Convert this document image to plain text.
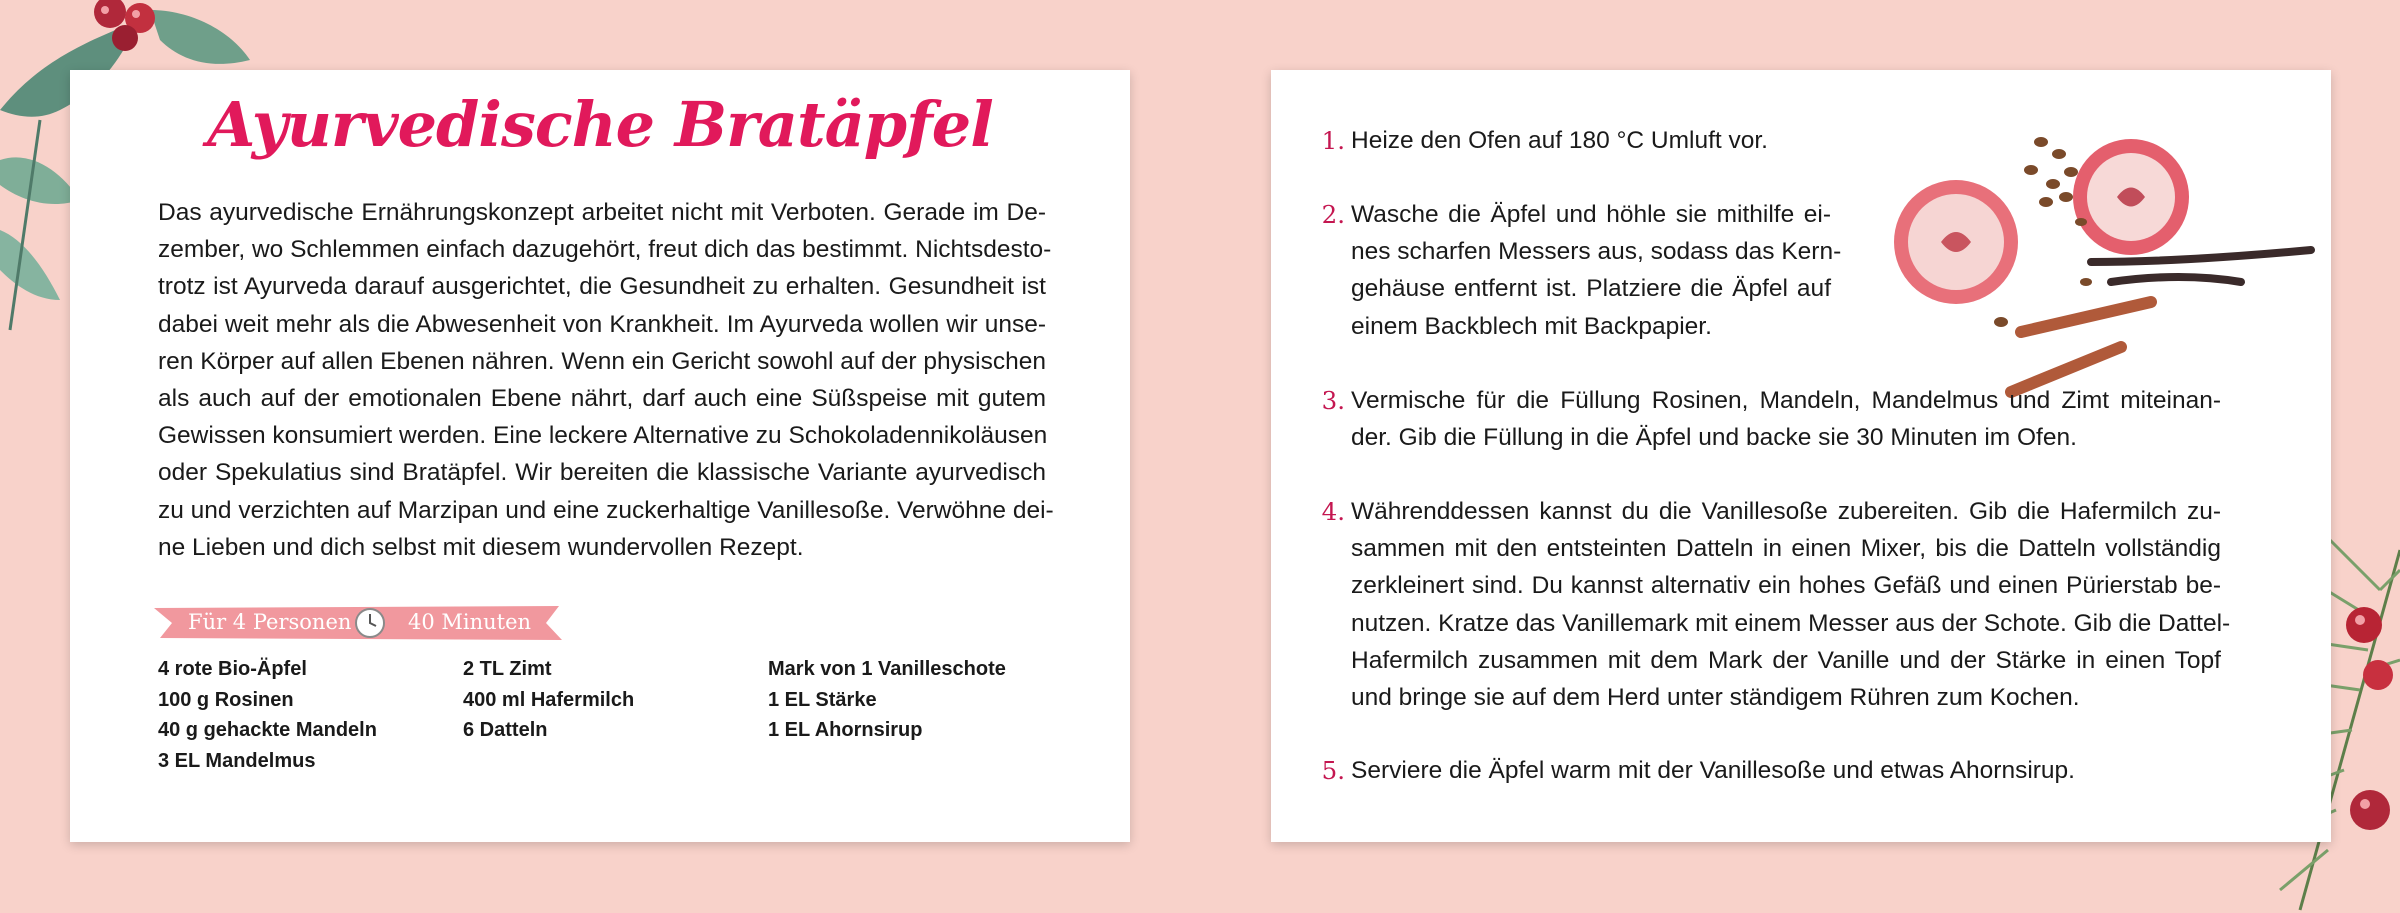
Ayurvedische Bratäpfel
Das ayurvedische Ernährungskonzept arbeitet nicht mit Verboten. Gerade im De-
zember, wo Schlemmen einfach dazugehört, freut dich das bestimmt. Nichtsdesto-
trotz ist Ayurveda darauf ausgerichtet, die Gesundheit zu erhalten. Gesundheit ist
dabei weit mehr als die Abwesenheit von Krankheit. Im Ayurveda wollen wir unse-
ren Körper auf allen Ebenen nähren. Wenn ein Gericht sowohl auf der physischen
als auch auf der emotionalen Ebene nährt, darf auch eine Süßspeise mit gutem
Gewissen konsumiert werden. Eine leckere Alternative zu Schokoladennikoläusen
oder Spekulatius sind Bratäpfel. Wir bereiten die klassische Variante ayurvedisch
zu und verzichten auf Marzipan und eine zuckerhaltige Vanillesoße. Verwöhne dei-
ne Lieben und dich selbst mit diesem wundervollen Rezept.
Für 4 Personen	40 Minuten
4 rote Bio-Äpfel
100 g Rosinen
40 g gehackte Mandeln
3 EL Mandelmus
2 TL Zimt
400 ml Hafermilch
6 Datteln
Mark von 1 Vanilleschote
1 EL Stärke
1 EL Ahornsirup
1. Heize den Ofen auf 180 °C Umluft vor.
2. Wasche die Äpfel und höhle sie mithilfe ei-
nes scharfen Messers aus, sodass das Kern-
gehäuse entfernt ist. Platziere die Äpfel auf
einem Backblech mit Backpapier.
3. Vermische für die Füllung Rosinen, Mandeln, Mandelmus und Zimt miteinan-
der. Gib die Füllung in die Äpfel und backe sie 30 Minuten im Ofen.
4. Währenddessen kannst du die Vanillesoße zubereiten. Gib die Hafermilch zu-
sammen mit den entsteinten Datteln in einen Mixer, bis die Datteln vollständig
zerkleinert sind. Du kannst alternativ ein hohes Gefäß und einen Pürierstab be-
nutzen. Kratze das Vanillemark mit einem Messer aus der Schote. Gib die Dattel-
Hafermilch zusammen mit dem Mark der Vanille und der Stärke in einen Topf
und bringe sie auf dem Herd unter ständigem Rühren zum Kochen.
5. Serviere die Äpfel warm mit der Vanillesoße und etwas Ahornsirup.
